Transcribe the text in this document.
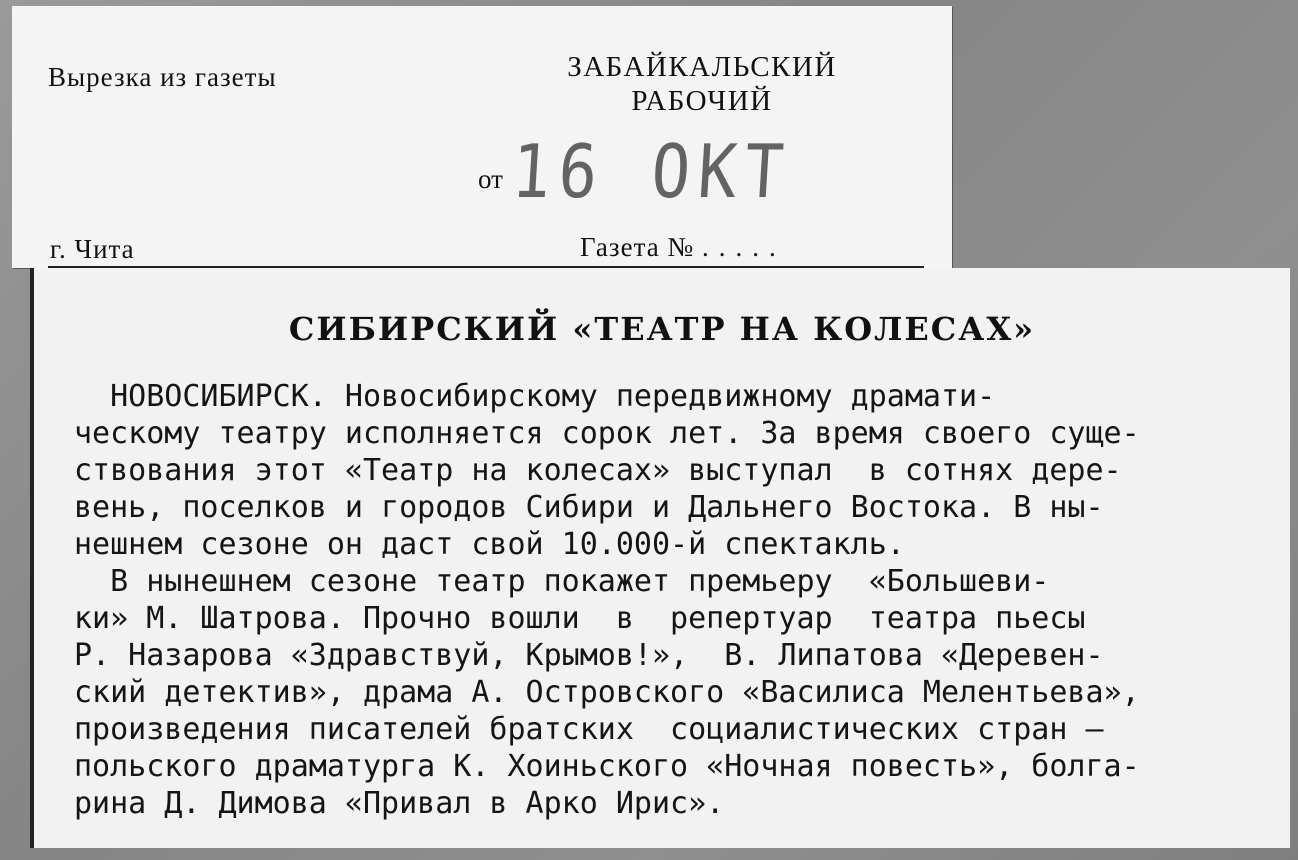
Вырезка из газеты	ЗАБАЙКАЛЬСКИЙ
РАБОЧИЙ
от 16 ОКТ
г. Чита	Газета № .....
СИБИРСКИЙ «ТЕАТР НА КОЛЕСАХ»
НОВОСИБИРСК. Новосибирскому передвижному драмати-
ческому театру исполняется сорок лет. За время своего суще-
ствования этот «Театр на колесах» выступал  в сотнях дере-
вень, поселков и городов Сибири и Дальнего Востока. В ны-
нешнем сезоне он даст свой 10.000-й спектакль.
В нынешнем сезоне театр покажет премьеру  «Большеви-
ки» М. Шатрова. Прочно вошли  в  репертуар  театра пьесы
Р. Назарова «Здравствуй, Крымов!»,  В. Липатова «Деревен-
ский детектив», драма А. Островского «Василиса Мелентьева»,
произведения писателей братских  социалистических стран —
польского драматурга К. Хоиньского «Ночная повесть», болга-
рина Д. Димова «Привал в Арко Ирис».
